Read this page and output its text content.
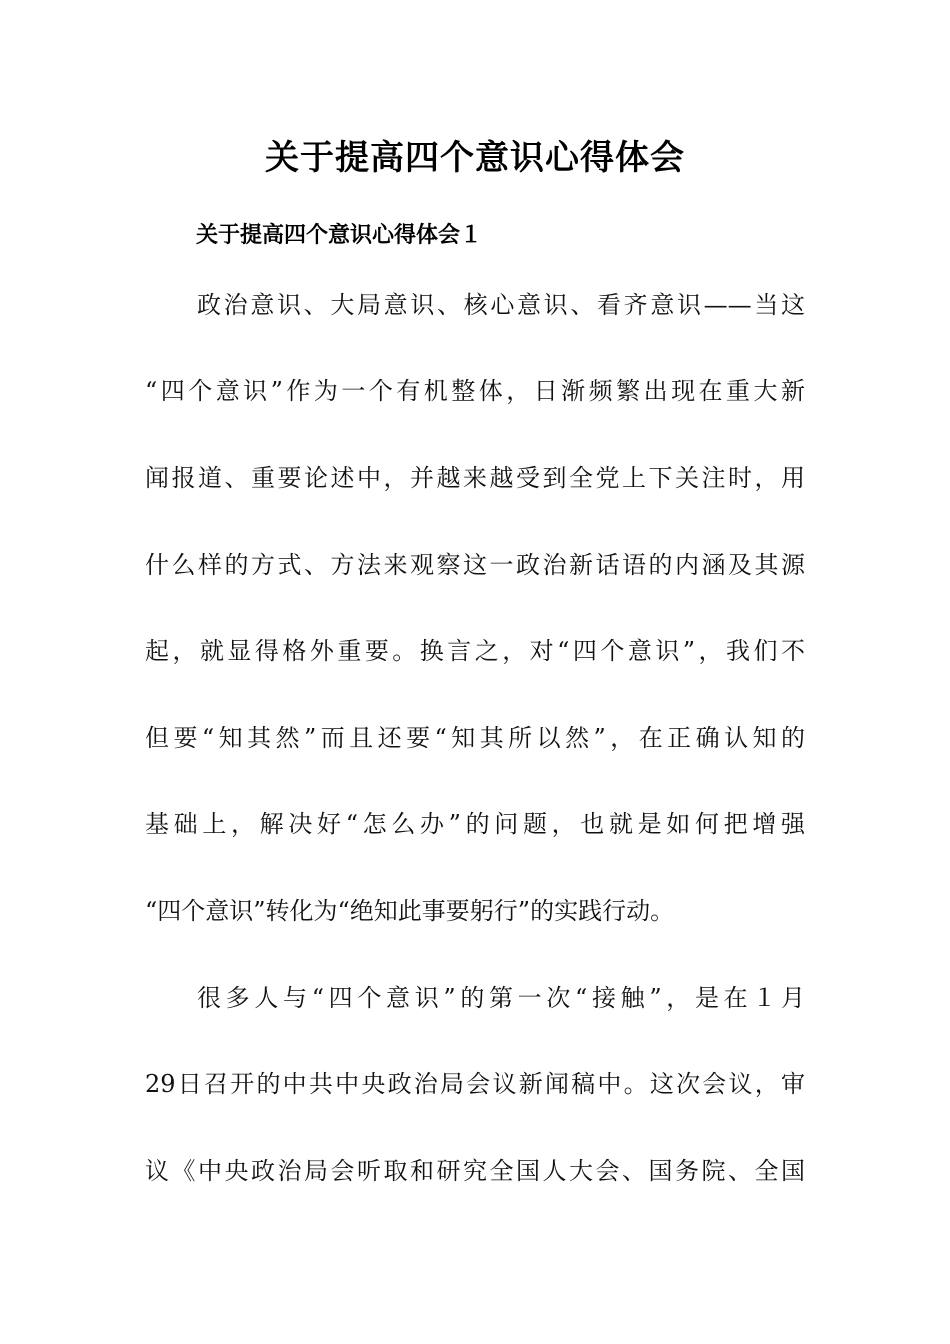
关于提高四个意识心得体会
关于提高四个意识心得体会１
政治意识、大局意识、核心意识、看齐意识——当这
“四个意识”作为一个有机整体，日渐频繁出现在重大新
闻报道、重要论述中，并越来越受到全党上下关注时，用
什么样的方式、方法来观察这一政治新话语的内涵及其源
起，就显得格外重要。换言之，对“四个意识”，我们不
但要“知其然”而且还要“知其所以然”，在正确认知的
基础上，解决好“怎么办”的问题，也就是如何把增强
“四个意识”转化为“绝知此事要躬行”的实践行动。
很多人与“四个意识”的第一次“接触”，是在１月
29日召开的中共中央政治局会议新闻稿中。这次会议，审
议《中央政治局会听取和研究全国人大会、国务院、全国
